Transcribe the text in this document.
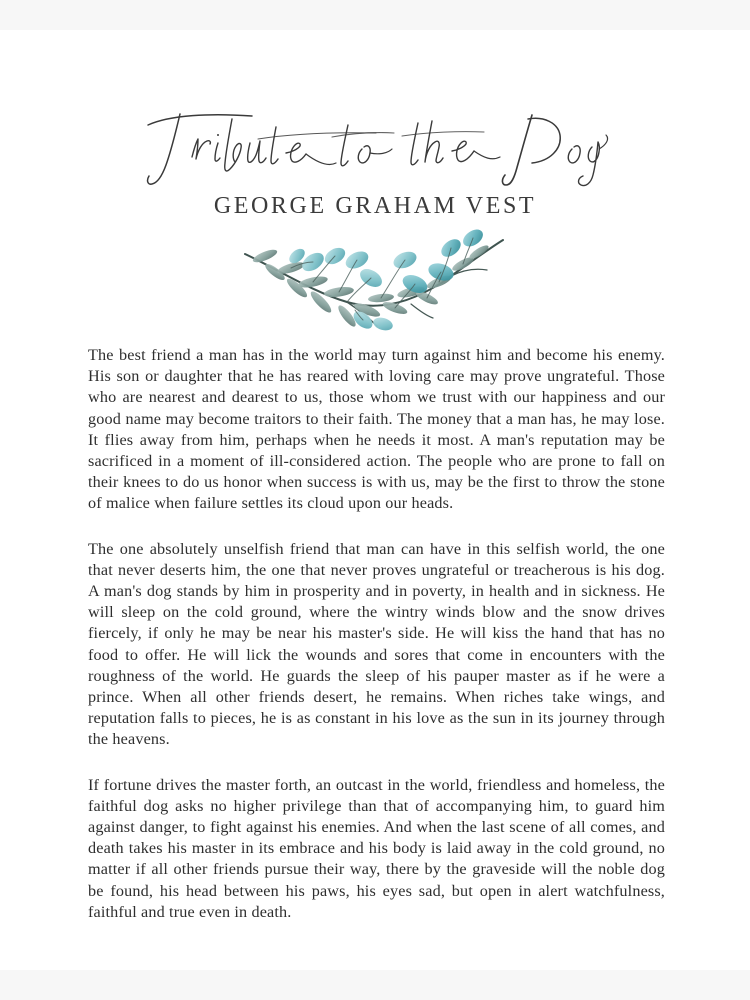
GEORGE GRAHAM VEST

The best friend a man has in the world may turn against him and become his enemy. His son or daughter that he has reared with loving care may prove ungrateful. Those who are nearest and dearest to us, those whom we trust with our happiness and our good name may become traitors to their faith. The money that a man has, he may lose. It flies away from him, perhaps when he needs it most. A man's reputation may be sacrificed in a moment of ill-considered action. The people who are prone to fall on their knees to do us honor when success is with us, may be the first to throw the stone of malice when failure settles its cloud upon our heads.

The one absolutely unselfish friend that man can have in this selfish world, the one that never deserts him, the one that never proves ungrateful or treacherous is his dog. A man's dog stands by him in prosperity and in poverty, in health and in sickness. He will sleep on the cold ground, where the wintry winds blow and the snow drives fiercely, if only he may be near his master's side. He will kiss the hand that has no food to offer. He will lick the wounds and sores that come in encounters with the roughness of the world. He guards the sleep of his pauper master as if he were a prince. When all other friends desert, he remains. When riches take wings, and reputation falls to pieces, he is as constant in his love as the sun in its journey through the heavens.

If fortune drives the master forth, an outcast in the world, friendless and homeless, the faithful dog asks no higher privilege than that of accompanying him, to guard him against danger, to fight against his enemies. And when the last scene of all comes, and death takes his master in its embrace and his body is laid away in the cold ground, no matter if all other friends pursue their way, there by the graveside will the noble dog be found, his head between his paws, his eyes sad, but open in alert watchfulness, faithful and true even in death.
